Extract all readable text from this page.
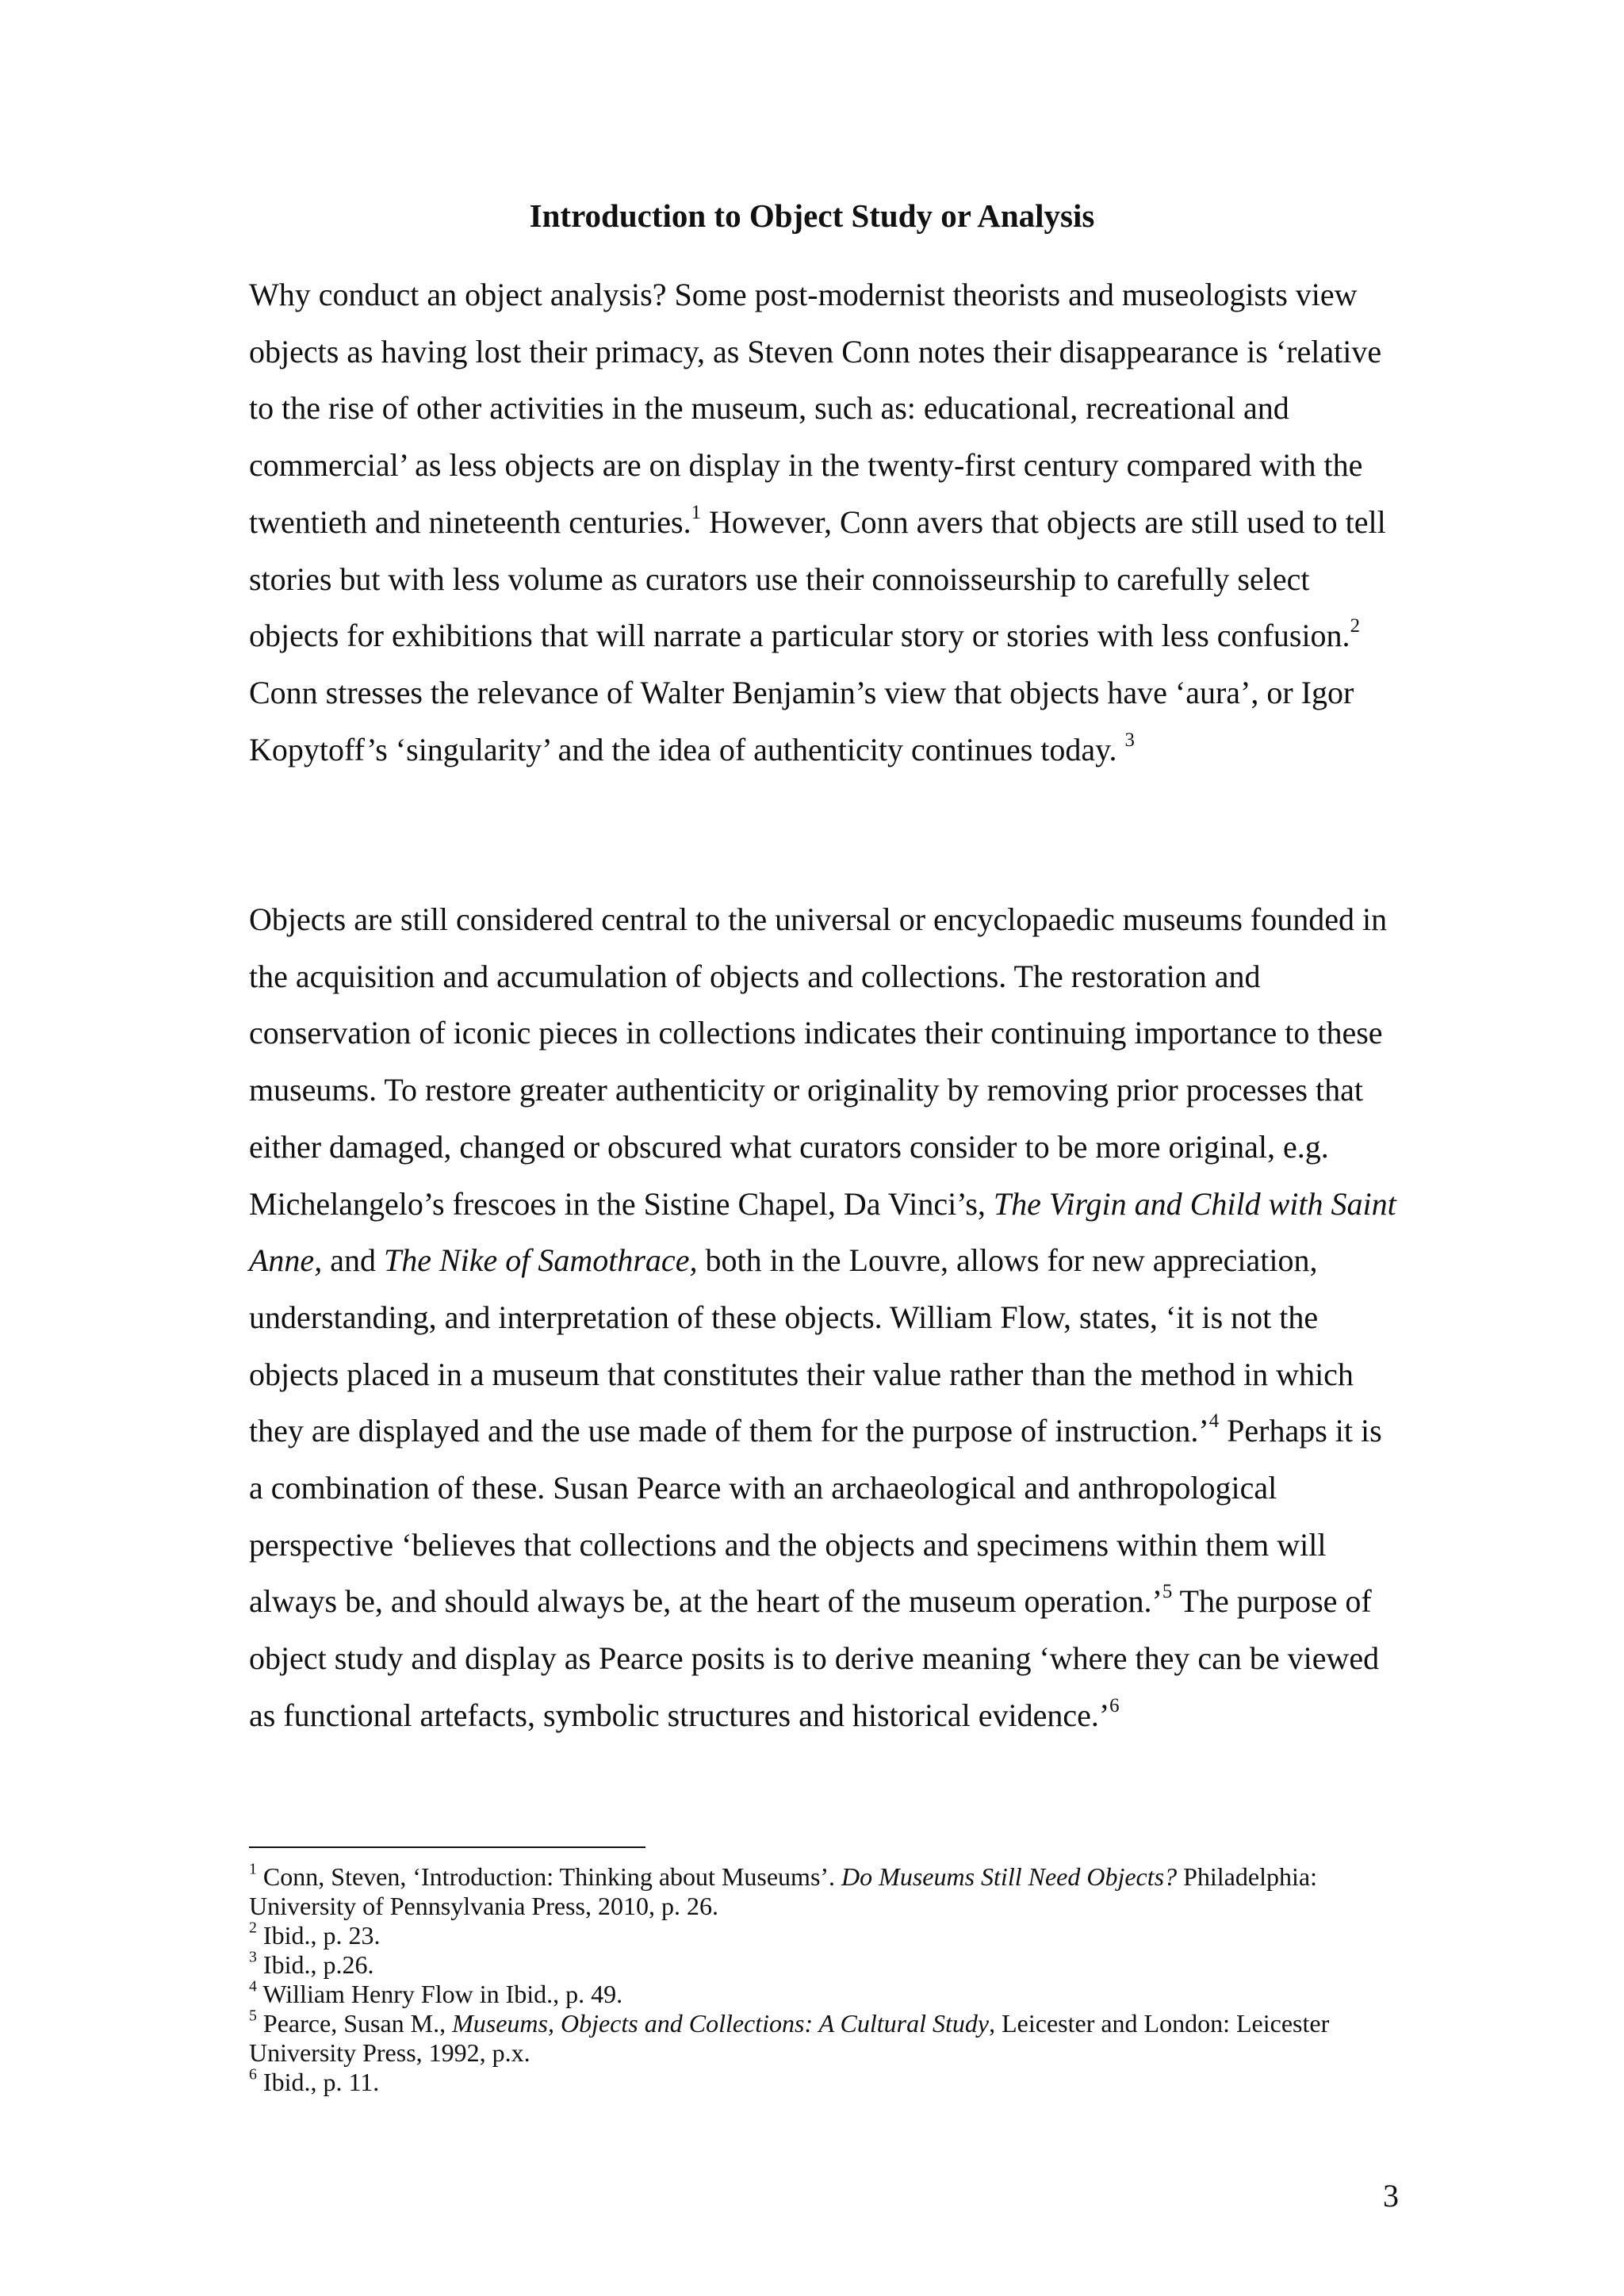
Introduction to Object Study or Analysis

Why conduct an object analysis? Some post-modernist theorists and museologists view objects as having lost their primacy, as Steven Conn notes their disappearance is ‘relative to the rise of other activities in the museum, such as: educational, recreational and commercial’ as less objects are on display in the twenty-first century compared with the twentieth and nineteenth centuries.$^1$ However, Conn avers that objects are still used to tell stories but with less volume as curators use their connoisseurship to carefully select objects for exhibitions that will narrate a particular story or stories with less confusion.$^2$ Conn stresses the relevance of Walter Benjamin’s view that objects have ‘aura’, or Igor Kopytoff’s ‘singularity’ and the idea of authenticity continues today. $^3$

Objects are still considered central to the universal or encyclopaedic museums founded in the acquisition and accumulation of objects and collections. The restoration and conservation of iconic pieces in collections indicates their continuing importance to these museums. To restore greater authenticity or originality by removing prior processes that either damaged, changed or obscured what curators consider to be more original, e.g. Michelangelo’s frescoes in the Sistine Chapel, Da Vinci’s, The Virgin and Child with Saint Anne, and The Nike of Samothrace, both in the Louvre, allows for new appreciation, understanding, and interpretation of these objects. William Flow, states, ‘it is not the objects placed in a museum that constitutes their value rather than the method in which they are displayed and the use made of them for the purpose of instruction.’$^4$ Perhaps it is a combination of these. Susan Pearce with an archaeological and anthropological perspective ‘believes that collections and the objects and specimens within them will always be, and should always be, at the heart of the museum operation.’$^5$ The purpose of object study and display as Pearce posits is to derive meaning ‘where they can be viewed as functional artefacts, symbolic structures and historical evidence.’$^6$

$^1$ Conn, Steven, ‘Introduction: Thinking about Museums’. Do Museums Still Need Objects? Philadelphia: University of Pennsylvania Press, 2010, p. 26.

$^2$ Ibid., p. 23.

$^3$ Ibid., p.26.

$^4$ William Henry Flow in Ibid., p. 49.

$^5$ Pearce, Susan M., Museums, Objects and Collections: A Cultural Study, Leicester and London: Leicester University Press, 1992, p.x.

$^6$ Ibid., p. 11.

3
